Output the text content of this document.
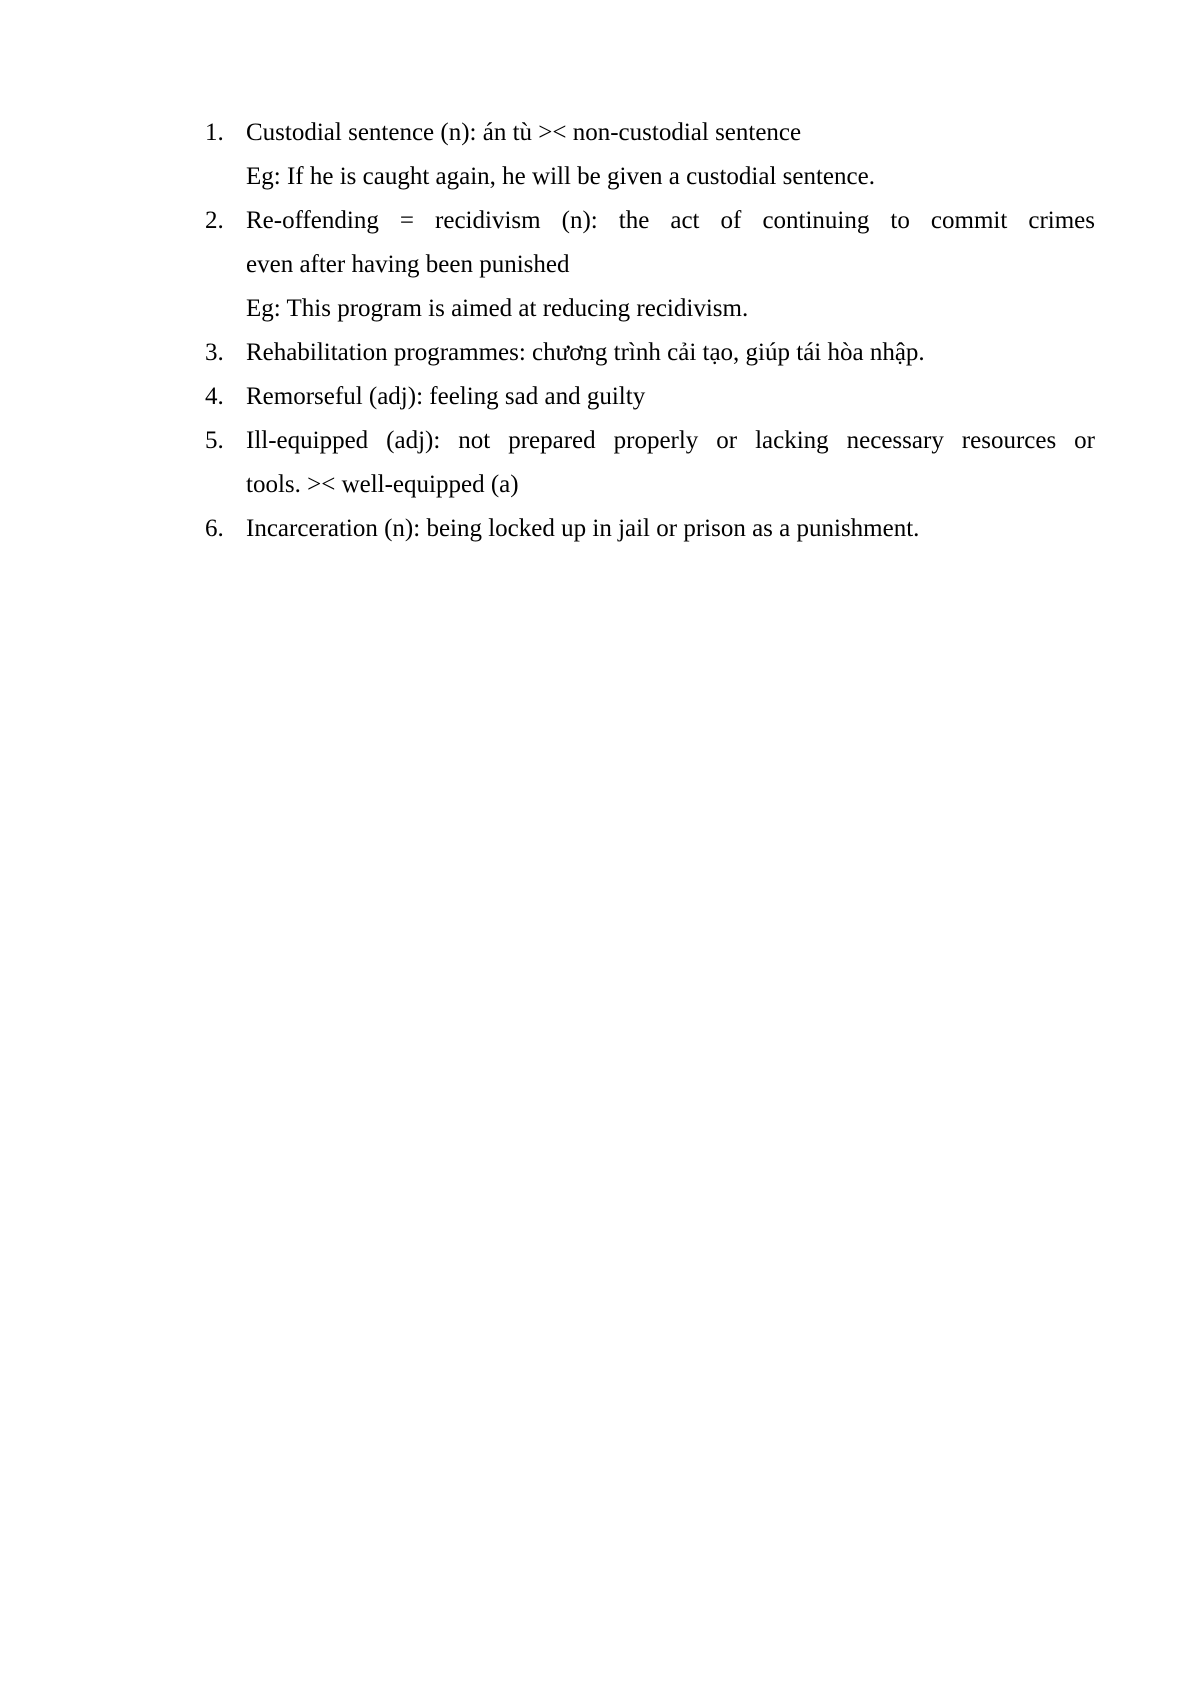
1. Custodial sentence (n): án tù >< non-custodial sentence
Eg: If he is caught again, he will be given a custodial sentence.
2. Re-offending = recidivism (n): the act of continuing to commit crimes
even after having been punished
Eg: This program is aimed at reducing recidivism.
3. Rehabilitation programmes: chương trình cải tạo, giúp tái hòa nhập.
4. Remorseful (adj): feeling sad and guilty
5. Ill-equipped (adj): not prepared properly or lacking necessary resources or
tools. >< well-equipped (a)
6. Incarceration (n): being locked up in jail or prison as a punishment.
